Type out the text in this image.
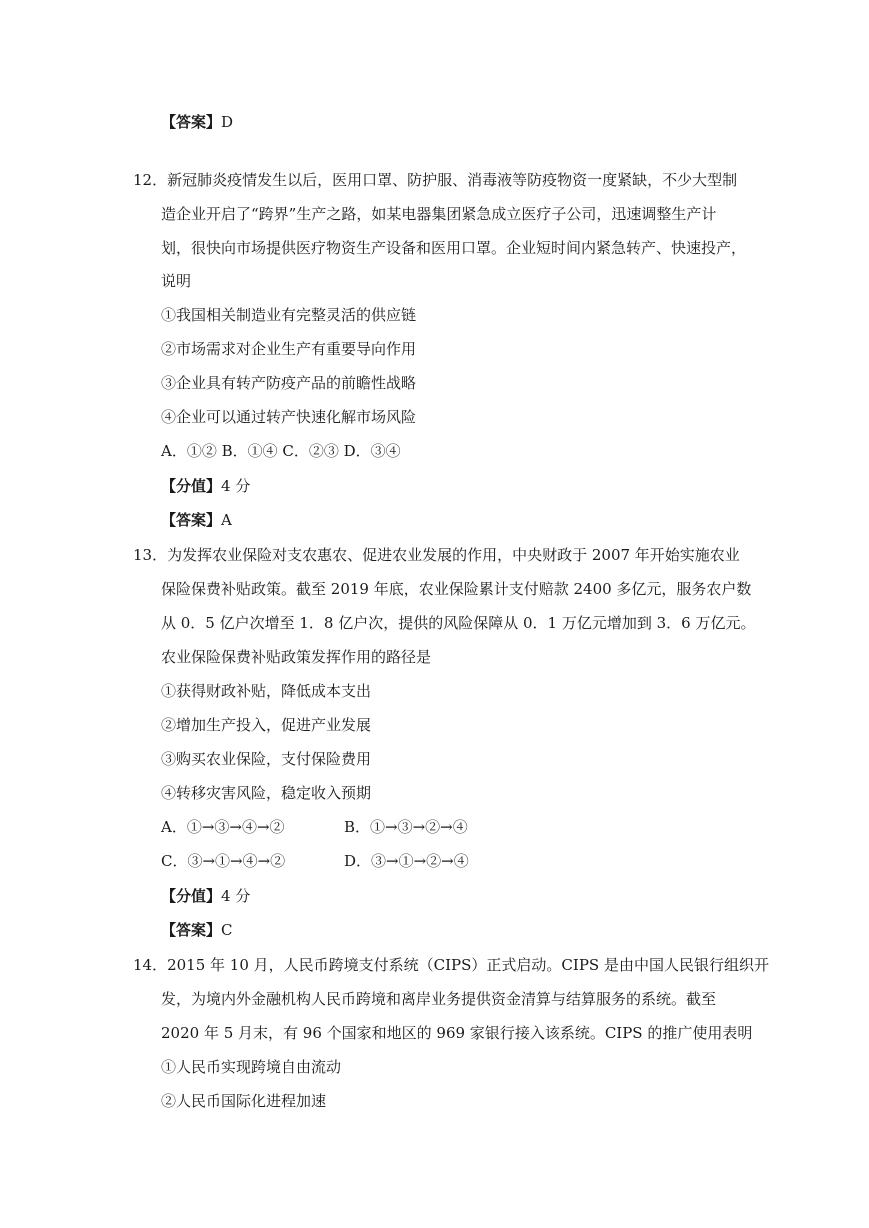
【答案】D
12．新冠肺炎疫情发生以后，医用口罩、防护服、消毒液等防疫物资一度紧缺，不少大型制
造企业开启了“跨界”生产之路，如某电器集团紧急成立医疗子公司，迅速调整生产计
划，很快向市场提供医疗物资生产设备和医用口罩。企业短时间内紧急转产、快速投产，
说明
①我国相关制造业有完整灵活的供应链
②市场需求对企业生产有重要导向作用
③企业具有转产防疫产品的前瞻性战略
④企业可以通过转产快速化解市场风险
A．①② B．①④ C．②③ D．③④
【分值】4 分
【答案】A
13．为发挥农业保险对支农惠农、促进农业发展的作用，中央财政于 2007 年开始实施农业
保险保费补贴政策。截至 2019 年底，农业保险累计支付赔款 2400 多亿元，服务农户数
从 0．5 亿户次增至 1．8 亿户次，提供的风险保障从 0．1 万亿元增加到 3．6 万亿元。
农业保险保费补贴政策发挥作用的路径是
①获得财政补贴，降低成本支出
②增加生产投入，促进产业发展
③购买农业保险，支付保险费用
④转移灾害风险，稳定收入预期
A．①→③→④→②	B．①→③→②→④
C．③→①→④→②	D．③→①→②→④
【分值】4 分
【答案】C
14．2015 年 10 月，人民币跨境支付系统（CIPS）正式启动。CIPS 是由中国人民银行组织开
发，为境内外金融机构人民币跨境和离岸业务提供资金清算与结算服务的系统。截至
2020 年 5 月末，有 96 个国家和地区的 969 家银行接入该系统。CIPS 的推广使用表明
①人民币实现跨境自由流动
②人民币国际化进程加速
